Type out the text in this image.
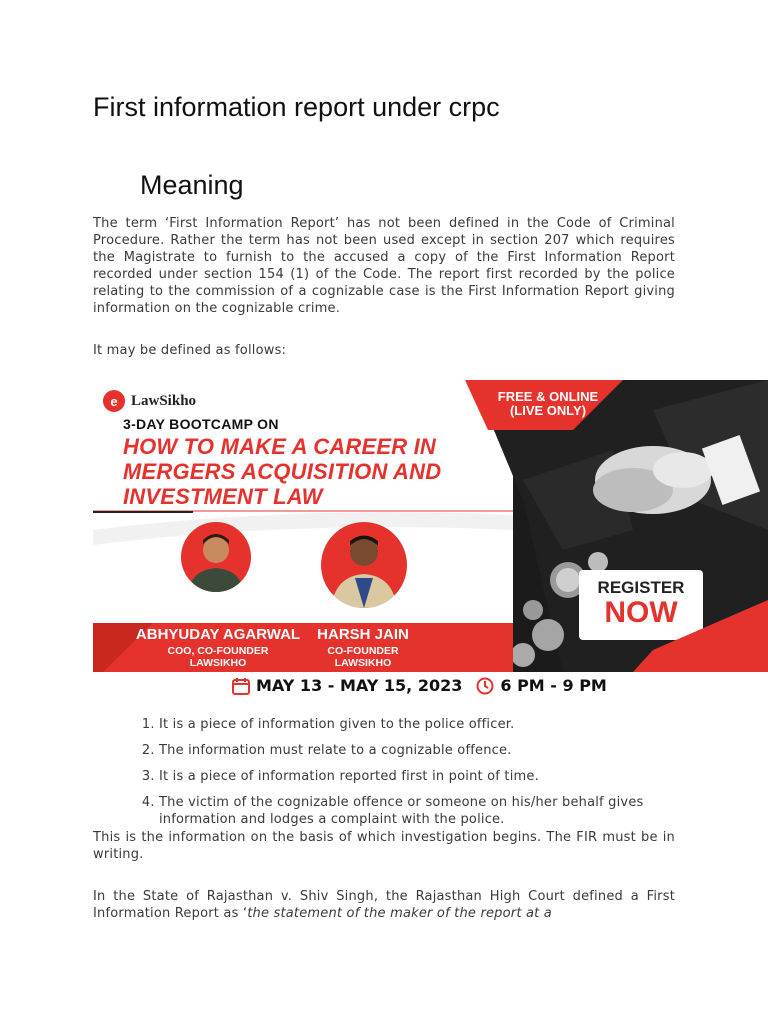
First information report under crpc
Meaning

The term ‘First Information Report’ has not been defined in the Code of Criminal Procedure. Rather the term has not been used except in section 207 which requires the Magistrate to furnish to the accused a copy of the First Information Report recorded under section 154 (1) of the Code. The report first recorded by the police relating to the commission of a cognizable case is the First Information Report giving information on the cognizable crime.

It may be defined as follows:

e LawSikho
3-DAY BOOTCAMP ON
HOW TO MAKE A CAREER IN MERGERS ACQUISITION AND INVESTMENT LAW
FREE & ONLINE
(LIVE ONLY)
ABHYUDAY AGARWAL
COO, CO-FOUNDER
LAWSIKHO
HARSH JAIN
CO-FOUNDER
LAWSIKHO
REGISTER
NOW
MAY 13 - MAY 15, 2023 6 PM - 9 PM
1. It is a piece of information given to the police officer.
2. The information must relate to a cognizable offence.
3. It is a piece of information reported first in point of time.
4. The victim of the cognizable offence or someone on his/her behalf gives information and lodges a complaint with the police.

This is the information on the basis of which investigation begins. The FIR must be in writing.

In the State of Rajasthan v. Shiv Singh, the Rajasthan High Court defined a First Information Report as ‘the statement of the maker of the report at a
